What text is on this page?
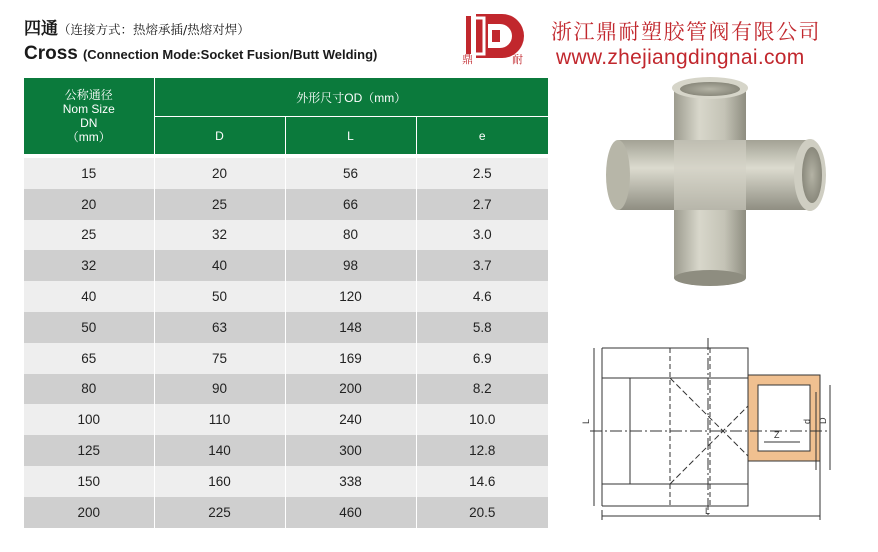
四通（连接方式：热熔承插/热熔对焊）
Cross (Connection Mode:Socket Fusion/Butt Welding)	鼎	耐
浙江鼎耐塑胶管阀有限公司
www.zhejiangdingnai.com
公称通径
Nom Size
DN
（mm）	外形尺寸OD（mm）		
	D	L	e

15	20	56	2.5
20	25	66	2.7
25	32	80	3.0
32	40	98	3.7
40	50	120	4.6
50	63	148	5.8
65	75	169	6.9
80	90	200	8.2
100	110	240	10.0
125	140	300	12.8
150	160	338	14.6
200	225	460	20.5
L
L
Z
d D
